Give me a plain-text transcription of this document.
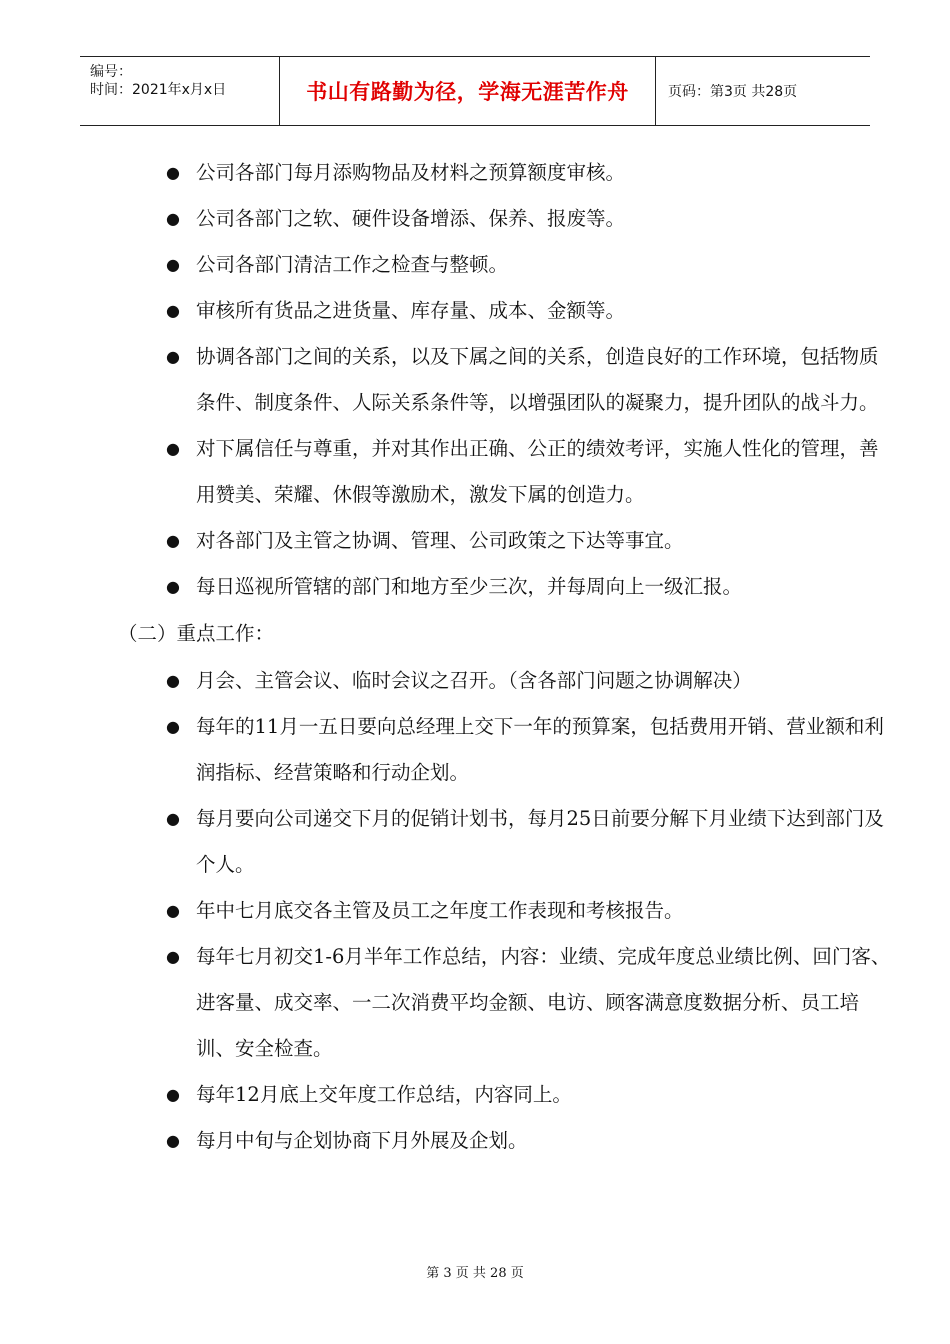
编号：
时间：2021年x月x日	书山有路勤为径，学海无涯苦作舟	页码：第3页 共28页
● 公司各部门每月添购物品及材料之预算额度审核。
● 公司各部门之软、硬件设备增添、保养、报废等。
● 公司各部门清洁工作之检查与整顿。
● 审核所有货品之进货量、库存量、成本、金额等。
● 协调各部门之间的关系，以及下属之间的关系，创造良好的工作环境，包括物质条件、制度条件、人际关系条件等，以增强团队的凝聚力，提升团队的战斗力。
● 对下属信任与尊重，并对其作出正确、公正的绩效考评，实施人性化的管理，善用赞美、荣耀、休假等激励术，激发下属的创造力。
● 对各部门及主管之协调、管理、公司政策之下达等事宜。
● 每日巡视所管辖的部门和地方至少三次，并每周向上一级汇报。
（二）重点工作：
● 月会、主管会议、临时会议之召开。（含各部门问题之协调解决）
● 每年的11月一五日要向总经理上交下一年的预算案，包括费用开销、营业额和利润指标、经营策略和行动企划。
● 每月要向公司递交下月的促销计划书，每月25日前要分解下月业绩下达到部门及个人。
● 年中七月底交各主管及员工之年度工作表现和考核报告。
● 每年七月初交1-6月半年工作总结，内容：业绩、完成年度总业绩比例、回门客、进客量、成交率、一二次消费平均金额、电访、顾客满意度数据分析、员工培训、安全检查。
● 每年12月底上交年度工作总结，内容同上。
● 每月中旬与企划协商下月外展及企划。
第 3 页 共 28 页
